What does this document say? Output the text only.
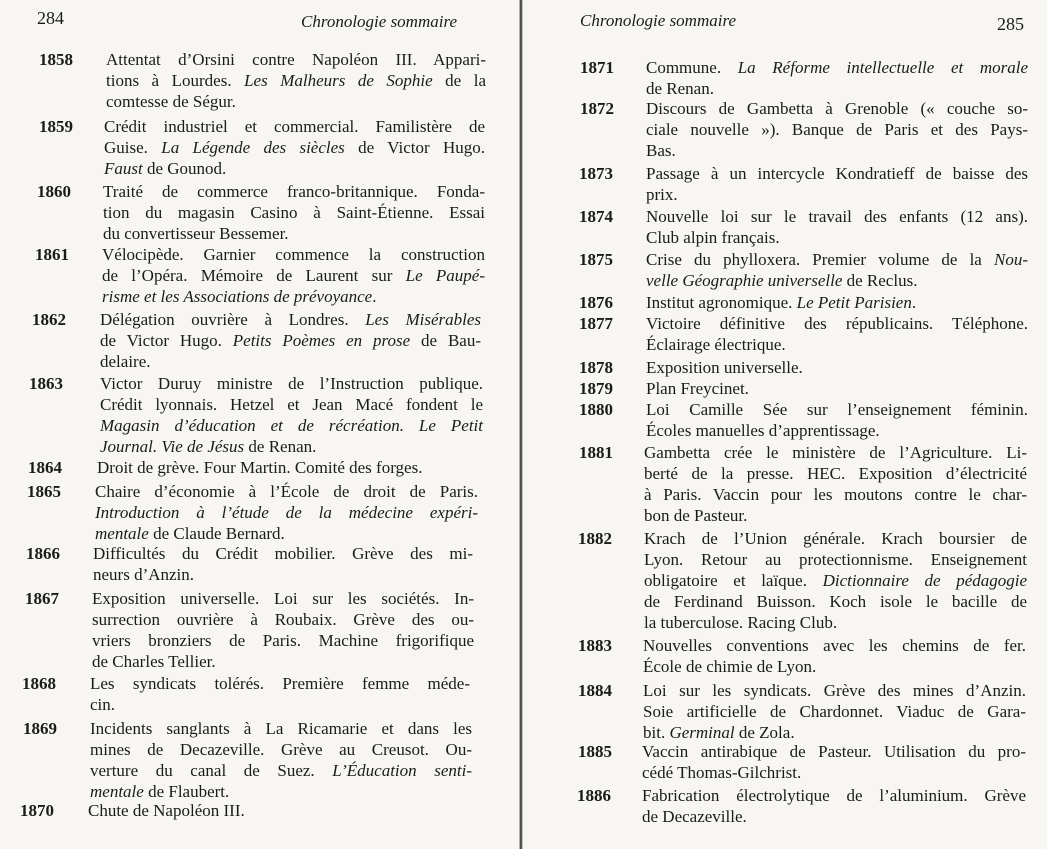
284	Chronologie sommaire
1858 Attentat d’Orsini contre Napoléon III. Appari-
tions à Lourdes. Les Malheurs de Sophie de la
comtesse de Ségur.
1859 Crédit industriel et commercial. Familistère de
Guise. La Légende des siècles de Victor Hugo.
Faust de Gounod.
1860 Traité de commerce franco-britannique. Fonda-
tion du magasin Casino à Saint-Étienne. Essai
du convertisseur Bessemer.
1861 Vélocipède. Garnier commence la construction
de l’Opéra. Mémoire de Laurent sur Le Paupé-
risme et les Associations de prévoyance.
1862 Délégation ouvrière à Londres. Les Misérables
de Victor Hugo. Petits Poèmes en prose de Bau-
delaire.
1863 Victor Duruy ministre de l’Instruction publique.
Crédit lyonnais. Hetzel et Jean Macé fondent le
Magasin d’éducation et de récréation. Le Petit
Journal. Vie de Jésus de Renan.
1864 Droit de grève. Four Martin. Comité des forges.
1865 Chaire d’économie à l’École de droit de Paris.
Introduction à l’étude de la médecine expéri-
mentale de Claude Bernard.
1866 Difficultés du Crédit mobilier. Grève des mi-
neurs d’Anzin.
1867 Exposition universelle. Loi sur les sociétés. In-
surrection ouvrière à Roubaix. Grève des ou-
vriers bronziers de Paris. Machine frigorifique
de Charles Tellier.
1868 Les syndicats tolérés. Première femme méde-
cin.
1869 Incidents sanglants à La Ricamarie et dans les
mines de Decazeville. Grève au Creusot. Ou-
verture du canal de Suez. L’Éducation senti-
mentale de Flaubert.
1870 Chute de Napoléon III.
Chronologie sommaire	285
1871 Commune. La Réforme intellectuelle et morale
de Renan.
1872 Discours de Gambetta à Grenoble (« couche so-
ciale nouvelle »). Banque de Paris et des Pays-
Bas.
1873 Passage à un intercycle Kondratieff de baisse des
prix.
1874 Nouvelle loi sur le travail des enfants (12 ans).
Club alpin français.
1875 Crise du phylloxera. Premier volume de la Nou-
velle Géographie universelle de Reclus.
1876 Institut agronomique. Le Petit Parisien.
1877 Victoire définitive des républicains. Téléphone.
Éclairage électrique.
1878 Exposition universelle.
1879 Plan Freycinet.
1880 Loi Camille Sée sur l’enseignement féminin.
Écoles manuelles d’apprentissage.
1881 Gambetta crée le ministère de l’Agriculture. Li-
berté de la presse. HEC. Exposition d’électricité
à Paris. Vaccin pour les moutons contre le char-
bon de Pasteur.
1882 Krach de l’Union générale. Krach boursier de
Lyon. Retour au protectionnisme. Enseignement
obligatoire et laïque. Dictionnaire de pédagogie
de Ferdinand Buisson. Koch isole le bacille de
la tuberculose. Racing Club.
1883 Nouvelles conventions avec les chemins de fer.
École de chimie de Lyon.
1884 Loi sur les syndicats. Grève des mines d’Anzin.
Soie artificielle de Chardonnet. Viaduc de Gara-
bit. Germinal de Zola.
1885 Vaccin antirabique de Pasteur. Utilisation du pro-
cédé Thomas-Gilchrist.
1886 Fabrication électrolytique de l’aluminium. Grève
de Decazeville.
